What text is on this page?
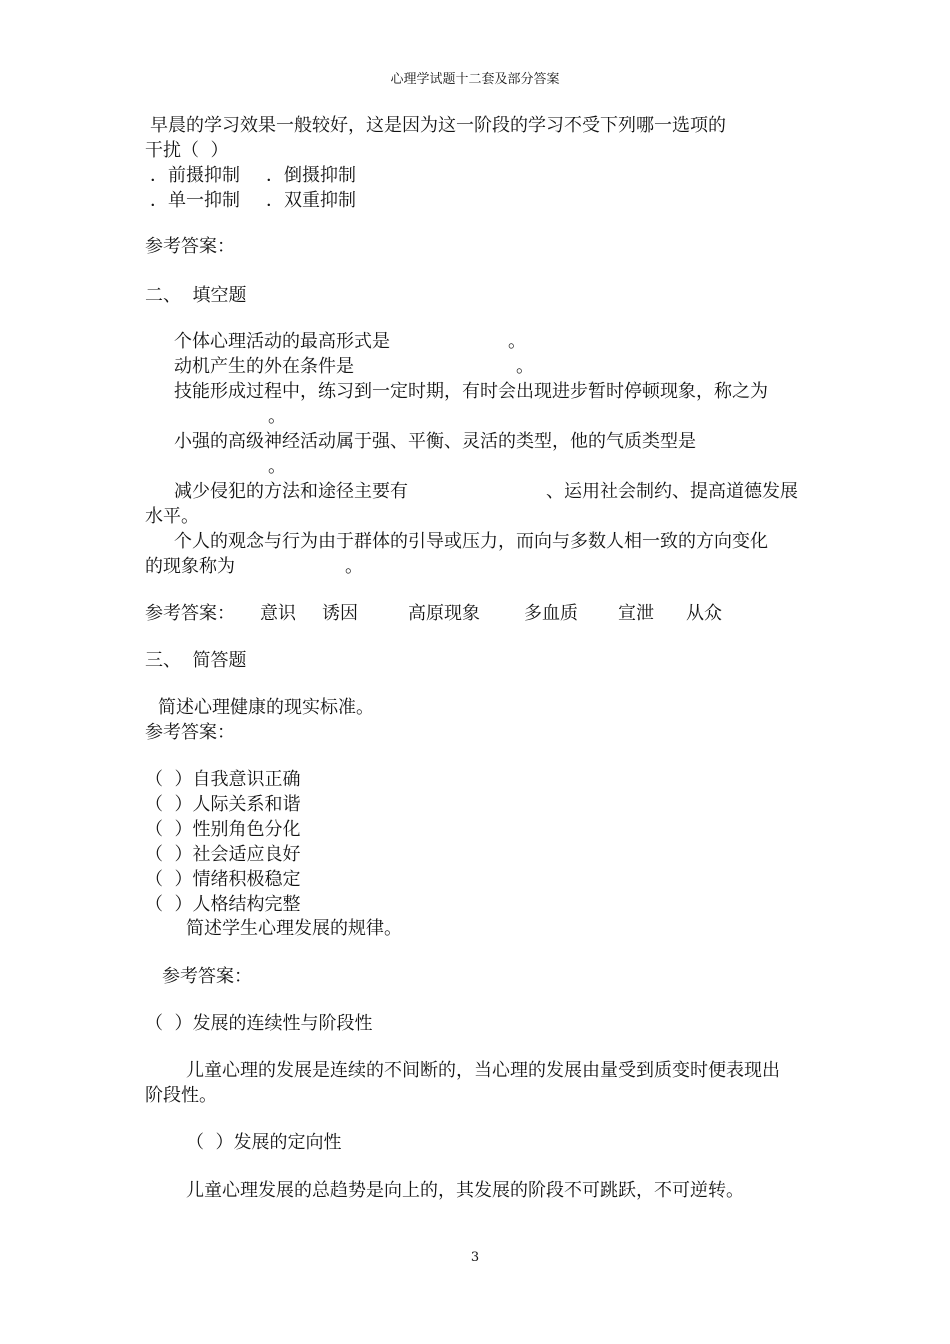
心理学试题十二套及部分答案
早晨的学习效果一般较好，这是因为这一阶段的学习不受下列哪一选项的
干扰（  ）
．前摄抑制 ．倒摄抑制
．单一抑制 ．双重抑制
参考答案：
二、  填空题
个体心理活动的最高形式是	。
动机产生的外在条件是	。
技能形成过程中，练习到一定时期，有时会出现进步暂时停顿现象，称之为
。
小强的高级神经活动属于强、平衡、灵活的类型，他的气质类型是
。
减少侵犯的方法和途径主要有	、运用社会制约、提高道德发展
水平。
个人的观念与行为由于群体的引导或压力，而向与多数人相一致的方向变化
的现象称为	。

参考答案：

意识

诱因

	高原现象

多血质

宣泄

从众

三、  简答题
简述心理健康的现实标准。
参考答案：
（  ）自我意识正确
（  ）人际关系和谐
（  ）性别角色分化
（  ）社会适应良好
（  ）情绪积极稳定
（  ）人格结构完整
简述学生心理发展的规律。
参考答案：
（  ）发展的连续性与阶段性
儿童心理的发展是连续的不间断的，当心理的发展由量受到质变时便表现出
阶段性。
（  ）发展的定向性
儿童心理发展的总趋势是向上的，其发展的阶段不可跳跃，不可逆转。
3
